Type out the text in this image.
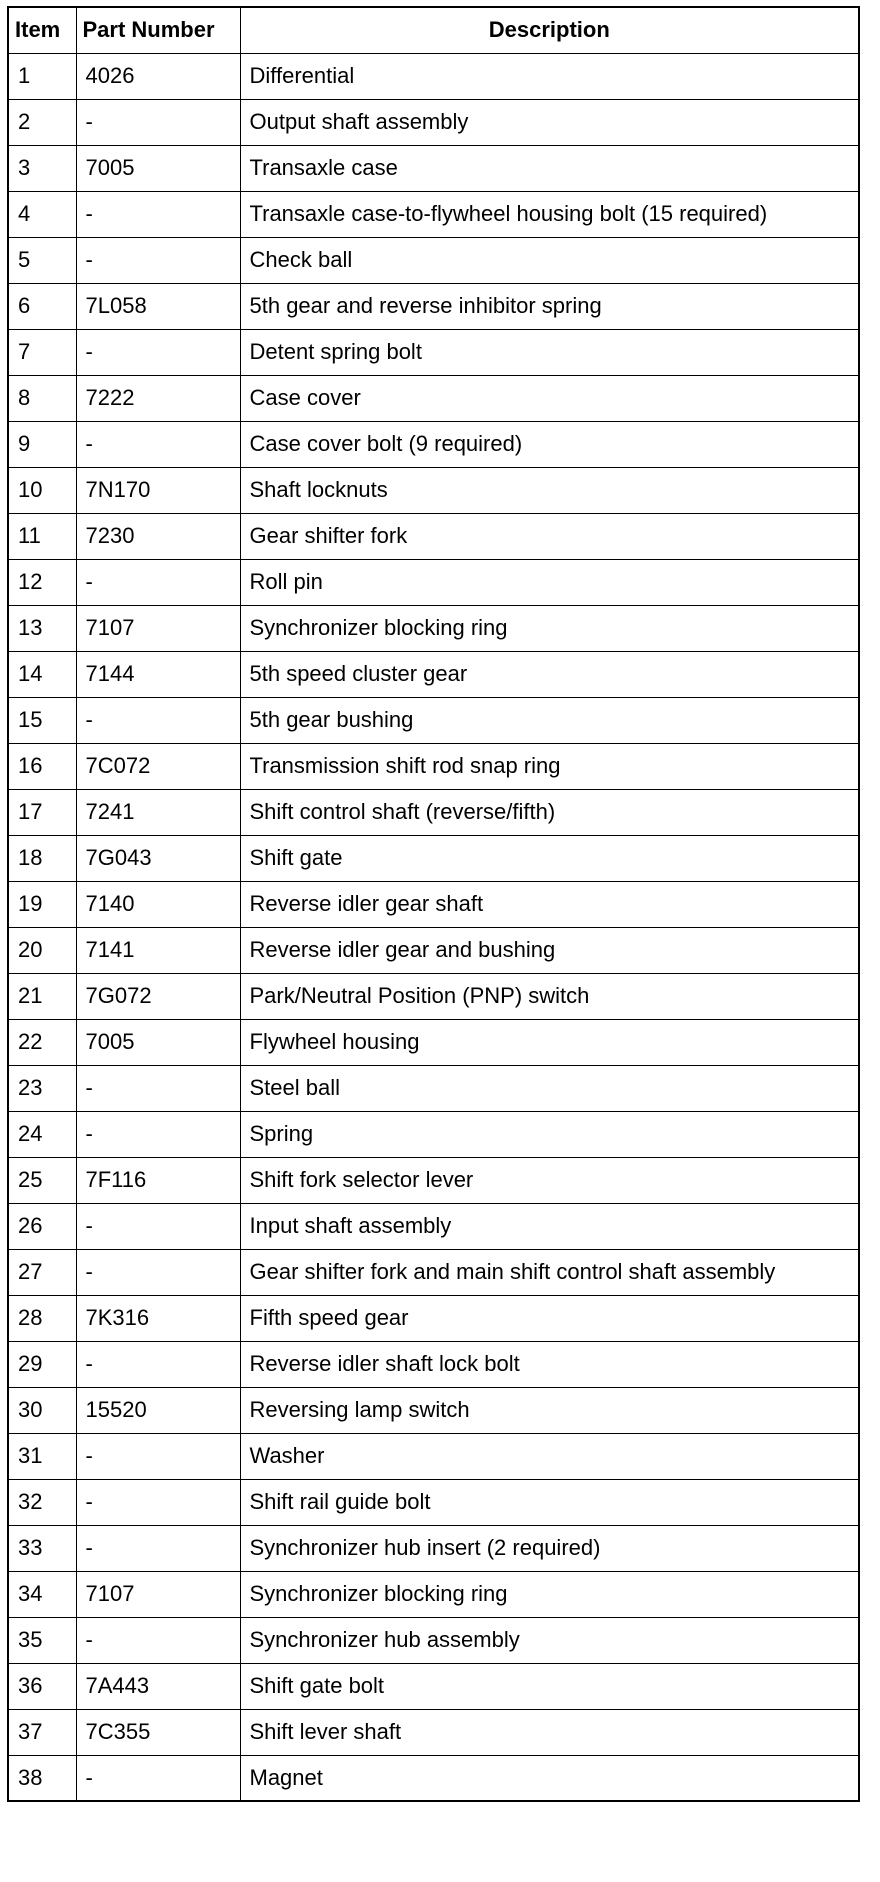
Item	Part Number	Description
1	4026	Differential
2	-	Output shaft assembly
3	7005	Transaxle case
4	-	Transaxle case-to-flywheel housing bolt (15 required)
5	-	Check ball
6	7L058	5th gear and reverse inhibitor spring
7	-	Detent spring bolt
8	7222	Case cover
9	-	Case cover bolt (9 required)
10	7N170	Shaft locknuts
11	7230	Gear shifter fork
12	-	Roll pin
13	7107	Synchronizer blocking ring
14	7144	5th speed cluster gear
15	-	5th gear bushing
16	7C072	Transmission shift rod snap ring
17	7241	Shift control shaft (reverse/fifth)
18	7G043	Shift gate
19	7140	Reverse idler gear shaft
20	7141	Reverse idler gear and bushing
21	7G072	Park/Neutral Position (PNP) switch
22	7005	Flywheel housing
23	-	Steel ball
24	-	Spring
25	7F116	Shift fork selector lever
26	-	Input shaft assembly
27	-	Gear shifter fork and main shift control shaft assembly
28	7K316	Fifth speed gear
29	-	Reverse idler shaft lock bolt
30	15520	Reversing lamp switch
31	-	Washer
32	-	Shift rail guide bolt
33	-	Synchronizer hub insert (2 required)
34	7107	Synchronizer blocking ring
35	-	Synchronizer hub assembly
36	7A443	Shift gate bolt
37	7C355	Shift lever shaft
38	-	Magnet
